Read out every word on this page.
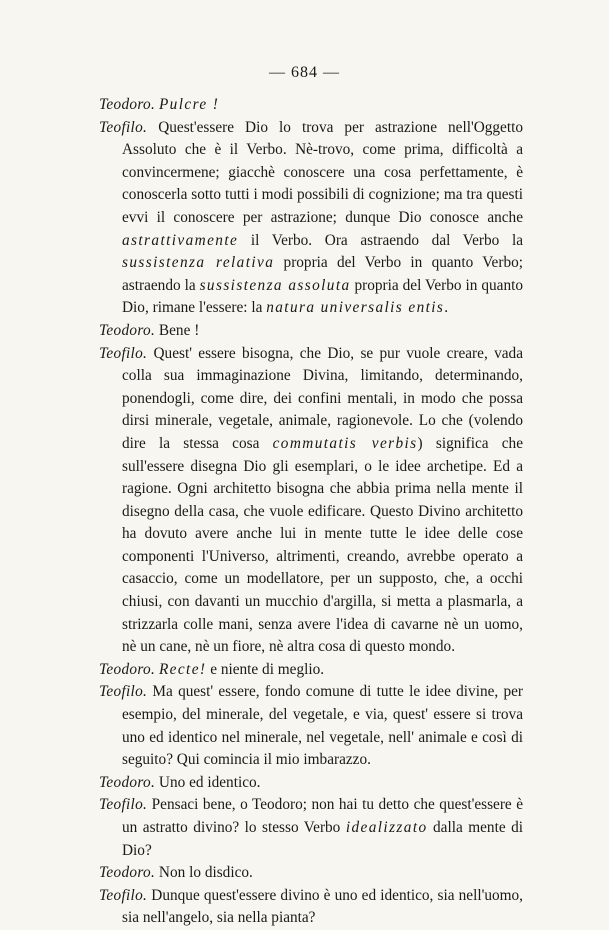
— 684 —

Teodoro. Pulcre !

Teofilo. Quest'essere Dio lo trova per astrazione nell'Oggetto Assoluto che è il Verbo. Nè-trovo, come prima, difficoltà a convincermene; giacchè conoscere una cosa perfettamente, è conoscerla sotto tutti i modi possibili di cognizione; ma tra questi evvi il conoscere per astrazione; dunque Dio conosce anche astrattivamente il Verbo. Ora astraendo dal Verbo la sussistenza relativa propria del Verbo in quanto Verbo; astraendo la sussistenza assoluta propria del Verbo in quanto Dio, rimane l'essere: la natura universalis entis.

Teodoro. Bene !

Teofilo. Quest' essere bisogna, che Dio, se pur vuole creare, vada colla sua immaginazione Divina, limitando, determinando, ponendogli, come dire, dei confini mentali, in modo che possa dirsi minerale, vegetale, animale, ragionevole. Lo che (volendo dire la stessa cosa commutatis verbis) significa che sull'essere disegna Dio gli esemplari, o le idee archetipe. Ed a ragione. Ogni architetto bisogna che abbia prima nella mente il disegno della casa, che vuole edificare. Questo Divino architetto ha dovuto avere anche lui in mente tutte le idee delle cose componenti l'Universo, altrimenti, creando, avrebbe operato a casaccio, come un modellatore, per un supposto, che, a occhi chiusi, con davanti un mucchio d'argilla, si metta a plasmarla, a strizzarla colle mani, senza avere l'idea di cavarne nè un uomo, nè un cane, nè un fiore, nè altra cosa di questo mondo.

Teodoro. Recte! e niente di meglio.

Teofilo. Ma quest' essere, fondo comune di tutte le idee divine, per esempio, del minerale, del vegetale, e via, quest' essere si trova uno ed identico nel minerale, nel vegetale, nell' animale e così di seguito? Qui comincia il mio imbarazzo.

Teodoro. Uno ed identico.

Teofilo. Pensaci bene, o Teodoro; non hai tu detto che quest'essere è un astratto divino? lo stesso Verbo idealizzato dalla mente di Dio?

Teodoro. Non lo disdico.

Teofilo. Dunque quest'essere divino è uno ed identico, sia nell'uomo, sia nell'angelo, sia nella pianta?
